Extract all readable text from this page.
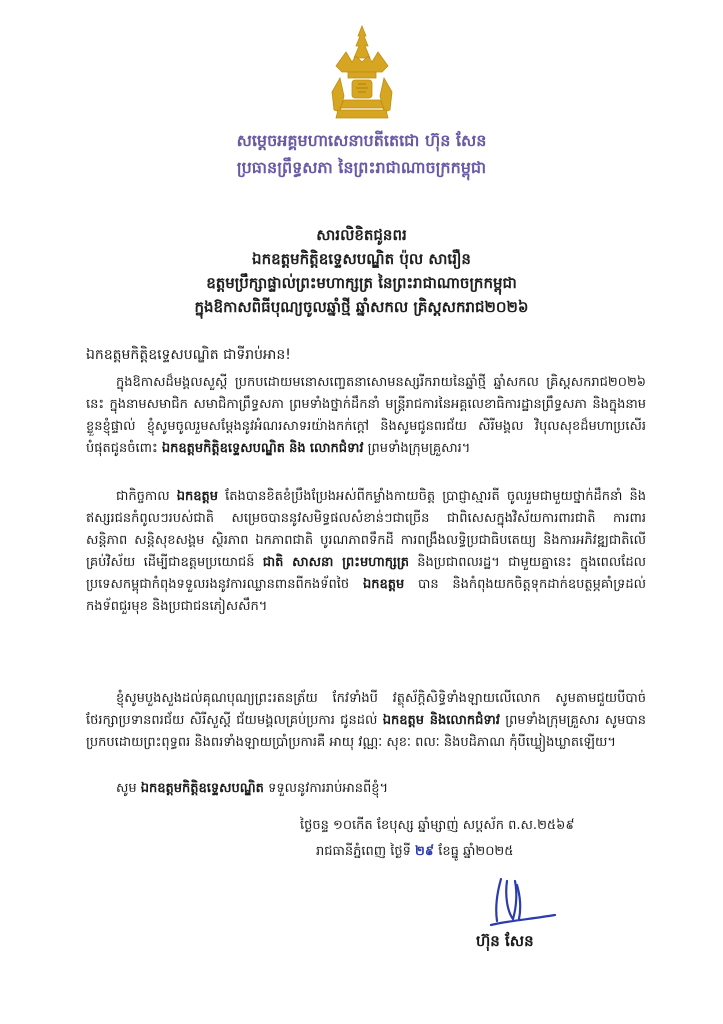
សម្តេចអគ្គមហាសេនាបតីតេជោ ហ៊ុន សែន
ប្រធានព្រឹទ្ធសភា នៃព្រះរាជាណាចក្រកម្ពុជា
សារលិខិតជូនពរ
ឯកឧត្តមកិត្តិឧទ្ទេសបណ្ឌិត ប៉ុល សារឿន
ឧត្តមប្រឹក្សាផ្ទាល់ព្រះមហាក្សត្រ នៃព្រះរាជាណាចក្រកម្ពុជា
ក្នុងឱកាសពិធីបុណ្យចូលឆ្នាំថ្មី ឆ្នាំសកល គ្រិស្តសករាជ២០២៦
ឯកឧត្តមកិត្តិឧទ្ទេសបណ្ឌិត ជាទីរាប់អាន!
ក្នុងឱកាសដ៏មង្គលសួស្តី ប្រកបដោយមនោសញ្ចេតនាសោមនស្សរីករាយនៃឆ្នាំថ្មី ឆ្នាំសកល គ្រិស្តសករាជ២០២៦ នេះ ក្នុងនាមសមាជិក សមាជិកាព្រឹទ្ធសភា ព្រមទាំងថ្នាក់ដឹកនាំ មន្ត្រីរាជការនៃអគ្គលេខាធិការដ្ឋានព្រឹទ្ធសភា និងក្នុងនាមខ្លួនខ្ញុំផ្ទាល់ ខ្ញុំសូមចូលរួមសម្តែងនូវអំណរសាទរយ៉ាងកក់ក្តៅ និងសូមជូនពរជ័យ សិរីមង្គល វិបុលសុខដ៏មហាប្រសើរបំផុតជូនចំពោះ ឯកឧត្តមកិត្តិឧទ្ទេសបណ្ឌិត និង លោកជំទាវ ព្រមទាំងក្រុមគ្រួសារ។
ជាកិច្ចកាល ឯកឧត្តម តែងបានខិតខំប្រឹងប្រែងអស់ពីកម្លាំងកាយចិត្ត ប្រាជ្ញាស្មារតី ចូលរួមជាមួយថ្នាក់ដឹកនាំ និងឥស្សរជនកំពូលៗរបស់ជាតិ សម្រេចបាននូវសមិទ្ធផលសំខាន់ៗជាច្រើន ជាពិសេសក្នុងវិស័យការពារជាតិ ការពារសន្តិភាព សន្តិសុខសង្គម ស្ថិរភាព ឯកភាពជាតិ បូរណភាពទឹកដី ការពង្រឹងលទ្ធិប្រជាធិបតេយ្យ និងការអភិវឌ្ឍជាតិលើគ្រប់វិស័យ ដើម្បីជាឧត្តមប្រយោជន៍ ជាតិ សាសនា ព្រះមហាក្សត្រ និងប្រជាពលរដ្ឋ។ ជាមួយគ្នានេះ ក្នុងពេលដែលប្រទេសកម្ពុជាកំពុងទទួលរងនូវការឈ្លានពានពីកងទ័ពថៃ ឯកឧត្តម បាន និងកំពុងយកចិត្តទុកដាក់ឧបត្ថម្ភគាំទ្រដល់កងទ័ពជួរមុខ និងប្រជាជនភៀសសឹក។
ខ្ញុំសូមបួងសួងដល់គុណបុណ្យព្រះរតនត្រ័យ កែវទាំងបី វត្ថុស័ក្តិសិទ្ធិទាំងឡាយលើលោក សូមតាមជួយបីបាច់ថែរក្សាប្រទានពរជ័យ សិរីសួស្តី ជ័យមង្គលគ្រប់ប្រការ ជូនដល់ ឯកឧត្តម និងលោកជំទាវ ព្រមទាំងក្រុមគ្រួសារ សូមបានប្រកបដោយព្រះពុទ្ធពរ និងពរទាំងឡាយប្រាំប្រការគឺ អាយុ វណ្ណៈ សុខៈ ពលៈ និងបដិភាណ កុំបីឃ្លៀងឃ្លាតឡើយ។
សូម ឯកឧត្តមកិត្តិឧទ្ទេសបណ្ឌិត ទទួលនូវការរាប់អានពីខ្ញុំ។
ថ្ងៃចន្ទ ១០កើត ខែបុស្ស ឆ្នាំម្សាញ់ សប្តស័ក ព.ស.២៥៦៩
រាជធានីភ្នំពេញ ថ្ងៃទី ២៩ ខែធ្នូ ឆ្នាំ២០២៥
ហ៊ុន សែន
